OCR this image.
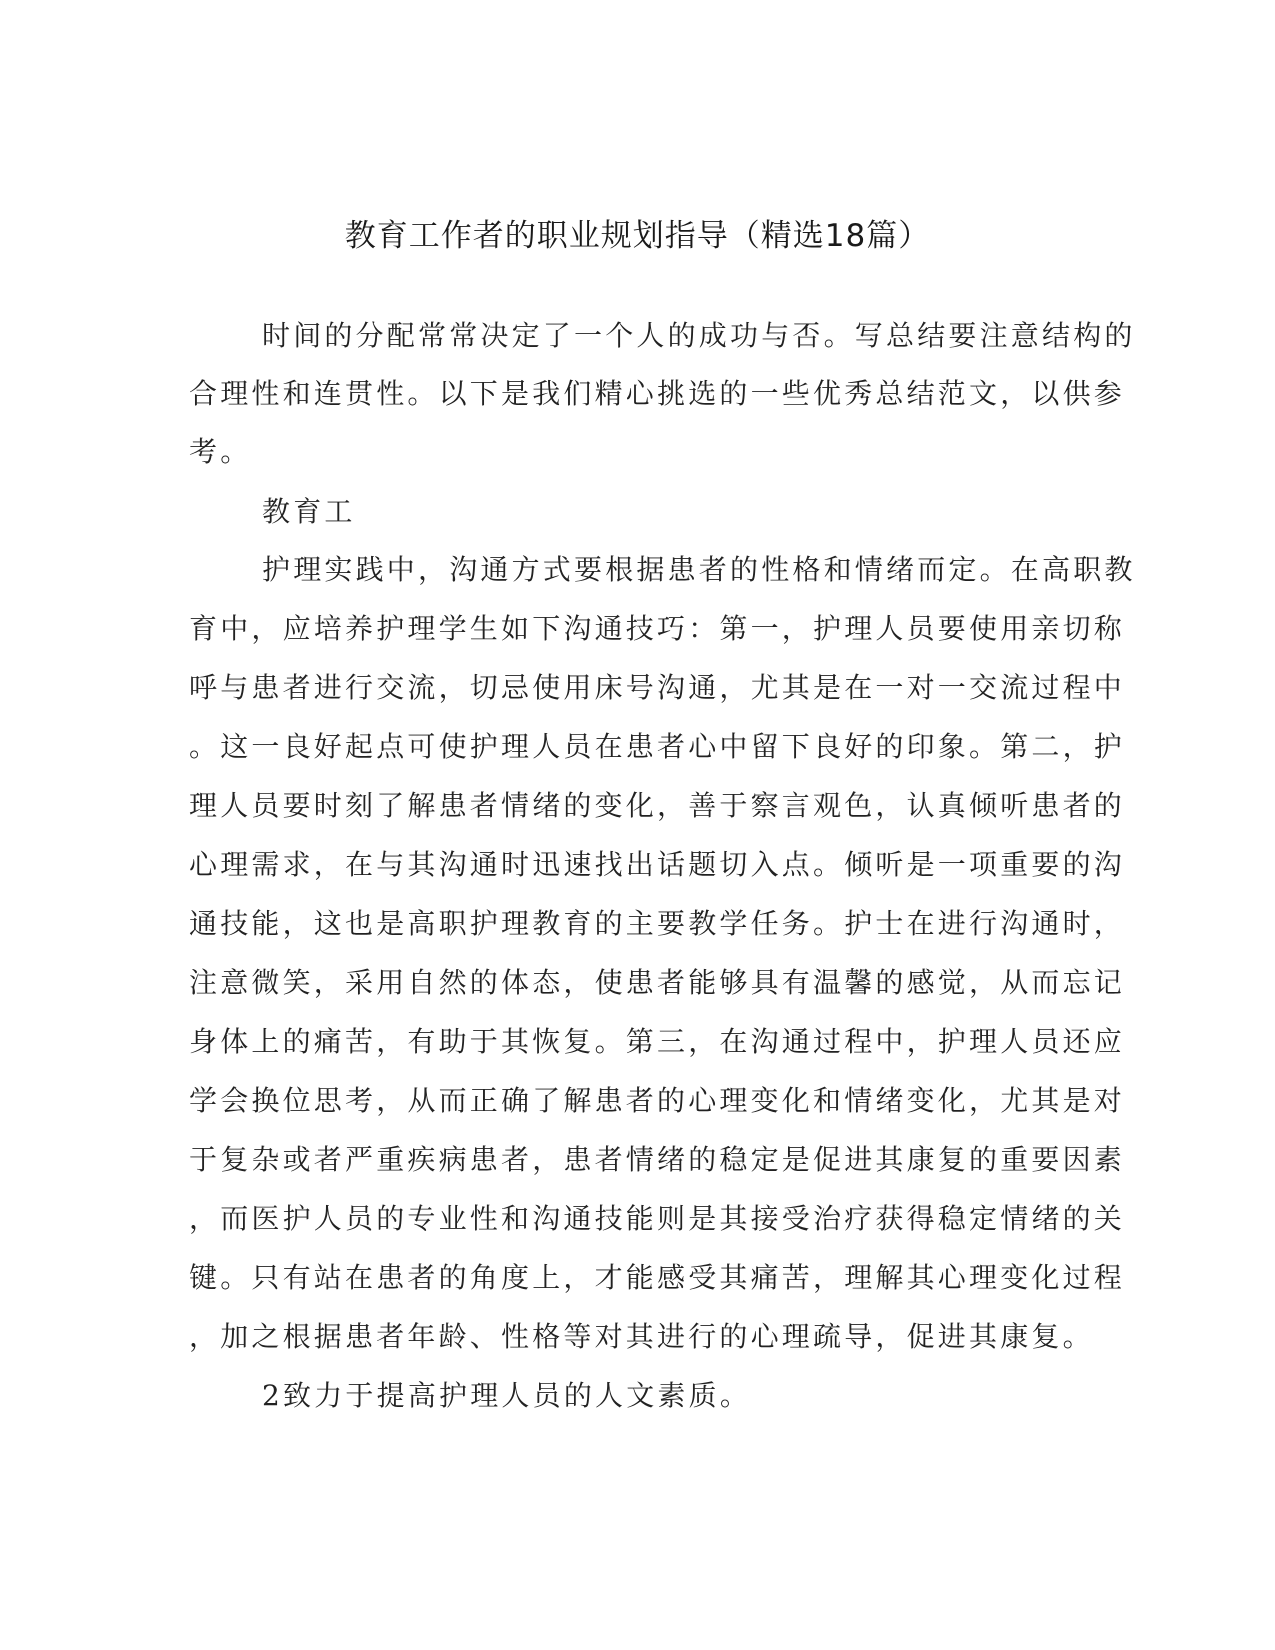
教育工作者的职业规划指导（精选18篇）

时间的分配常常决定了一个人的成功与否。写总结要注意结构的

合理性和连贯性。以下是我们精心挑选的一些优秀总结范文，以供参

考。

教育工

护理实践中，沟通方式要根据患者的性格和情绪而定。在高职教

育中，应培养护理学生如下沟通技巧：第一，护理人员要使用亲切称

呼与患者进行交流，切忌使用床号沟通，尤其是在一对一交流过程中

。这一良好起点可使护理人员在患者心中留下良好的印象。第二，护

理人员要时刻了解患者情绪的变化，善于察言观色，认真倾听患者的

心理需求，在与其沟通时迅速找出话题切入点。倾听是一项重要的沟

通技能，这也是高职护理教育的主要教学任务。护士在进行沟通时，

注意微笑，采用自然的体态，使患者能够具有温馨的感觉，从而忘记

身体上的痛苦，有助于其恢复。第三，在沟通过程中，护理人员还应

学会换位思考，从而正确了解患者的心理变化和情绪变化，尤其是对

于复杂或者严重疾病患者，患者情绪的稳定是促进其康复的重要因素

，而医护人员的专业性和沟通技能则是其接受治疗获得稳定情绪的关

键。只有站在患者的角度上，才能感受其痛苦，理解其心理变化过程

，加之根据患者年龄、性格等对其进行的心理疏导，促进其康复。

2致力于提高护理人员的人文素质。
